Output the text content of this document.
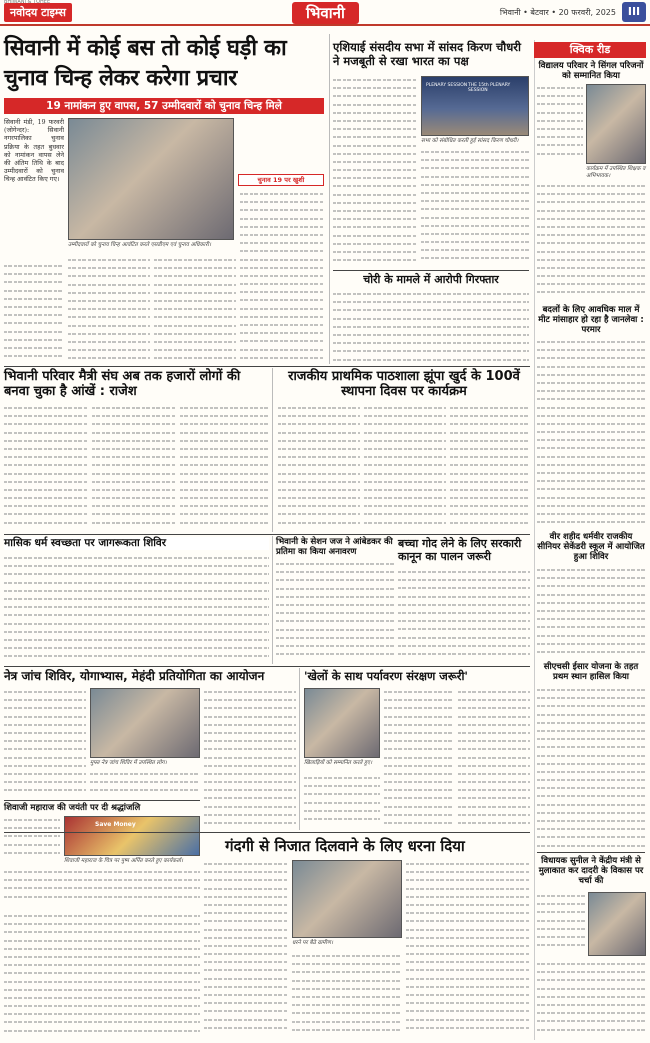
नवोदय टाइम्स	भिवानी	भिवानी • बेटवार • 20 फरवरी, 2025	III
सिवानी में कोई बस तो कोई घड़ी का चुनाव चिन्ह लेकर करेगा प्रचार
19 नामांकन हुए वापस, 57 उम्मीदवारों को चुनाव चिन्ह मिले
सिवानी मंडी, 19 फरवरी (जोगेन्दर): सिवानी नगरपालिका चुनाव प्रक्रिया के तहत बुधवार को नामांकन वापस लेने की अंतिम तिथि के बाद उम्मीदवारों को चुनाव चिन्ह आवंटित किए गए।
उम्मीदवारों को चुनाव चिन्ह आवंटित करते एसडीएम एवं चुनाव अधिकारी।
चुनाव 19 पर खुशी
एशियाई संसदीय सभा में सांसद किरण चौधरी ने मजबूती से रखा भारत का पक्ष
PLENARY SESSION THE 15th PLENARY SESSION
सभा को संबोधित करती हुई सांसद किरण चौधरी।
चोरी के मामले में आरोपी गिरफ्तार
क्विक रीड
विद्यालय परिवार ने सिंगल परिजनों को सम्मानित किया
कार्यक्रम में उपस्थित शिक्षक व अभिभावक।
बदलों के लिए आवधिक माल में मीट मांसाहार हो रहा है जानलेवा : परमार
वीर शहीद धर्मवीर राजकीय सीनियर सेकेंडरी स्कूल में आयोजित हुआ शिविर
सीएचसी ईसार योजना के तहत प्रथम स्थान हासिल किया
विधायक सुनील ने केंद्रीय मंत्री से मुलाकात कर दादरी के विकास पर चर्चा की
भिवानी परिवार मैत्री संघ अब तक हजारों लोगों की बनवा चुका है आंखें : राजेश
राजकीय प्राथमिक पाठशाला झूंपा खुर्द के 100वें स्थापना दिवस पर कार्यक्रम
मासिक धर्म स्वच्छता पर जागरूकता शिविर	भिवानी के सेशन जज ने आंबेडकर की प्रतिमा का किया अनावरण
बच्चा गोद लेने के लिए सरकारी कानून का पालन जरूरी
नेत्र जांच शिविर, योगाभ्यास, मेहंदी प्रतियोगिता का आयोजन
मुफ्त नेत्र जांच शिविर में उपस्थित लोग।
'खेलों के साथ पर्यावरण संरक्षण जरूरी'
खिलाड़ियों को सम्मानित करते हुए।
शिवाजी महाराज की जयंती पर दी श्रद्धांजलि
Save Money
शिवाजी महाराज के चित्र पर पुष्प अर्पित करते हुए कार्यकर्ता।
गंदगी से निजात दिलवाने के लिए धरना दिया
धरने पर बैठे ग्रामीण।
